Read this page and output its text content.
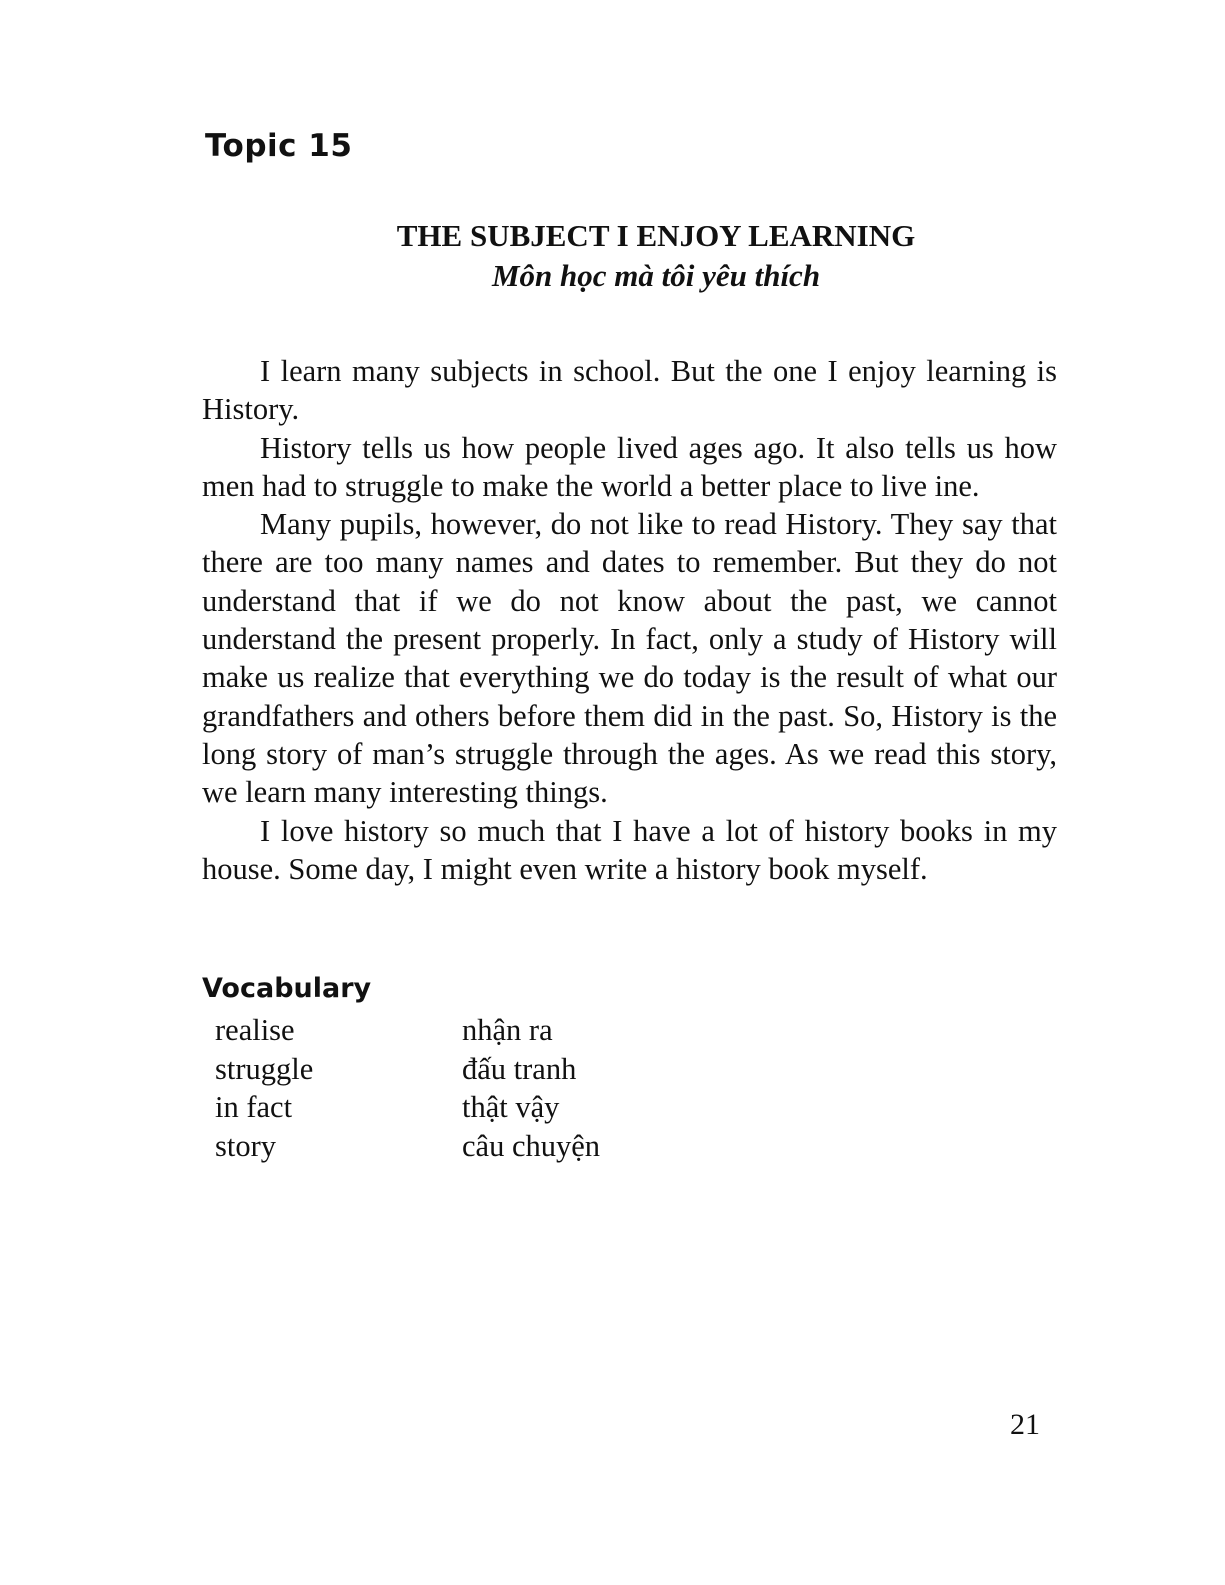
Topic 15
THE SUBJECT I ENJOY LEARNING
Môn học mà tôi yêu thích

I learn many subjects in school. But the one I enjoy learning is History.

History tells us how people lived ages ago. It also tells us how men had to struggle to make the world a better place to live ine.

Many pupils, however, do not like to read History. They say that there are too many names and dates to remember. But they do not understand that if we do not know about the past, we cannot understand the present properly. In fact, only a study of History will make us realize that everything we do today is the result of what our grandfathers and others before them did in the past. So, History is the long story of man’s struggle through the ages. As we read this story, we learn many interesting things.

I love history so much that I have a lot of history books in my house. Some day, I might even write a history book myself.

Vocabulary
realise	nhận ra
struggle	đấu tranh
in fact	thật vậy
story	câu chuyện
21
